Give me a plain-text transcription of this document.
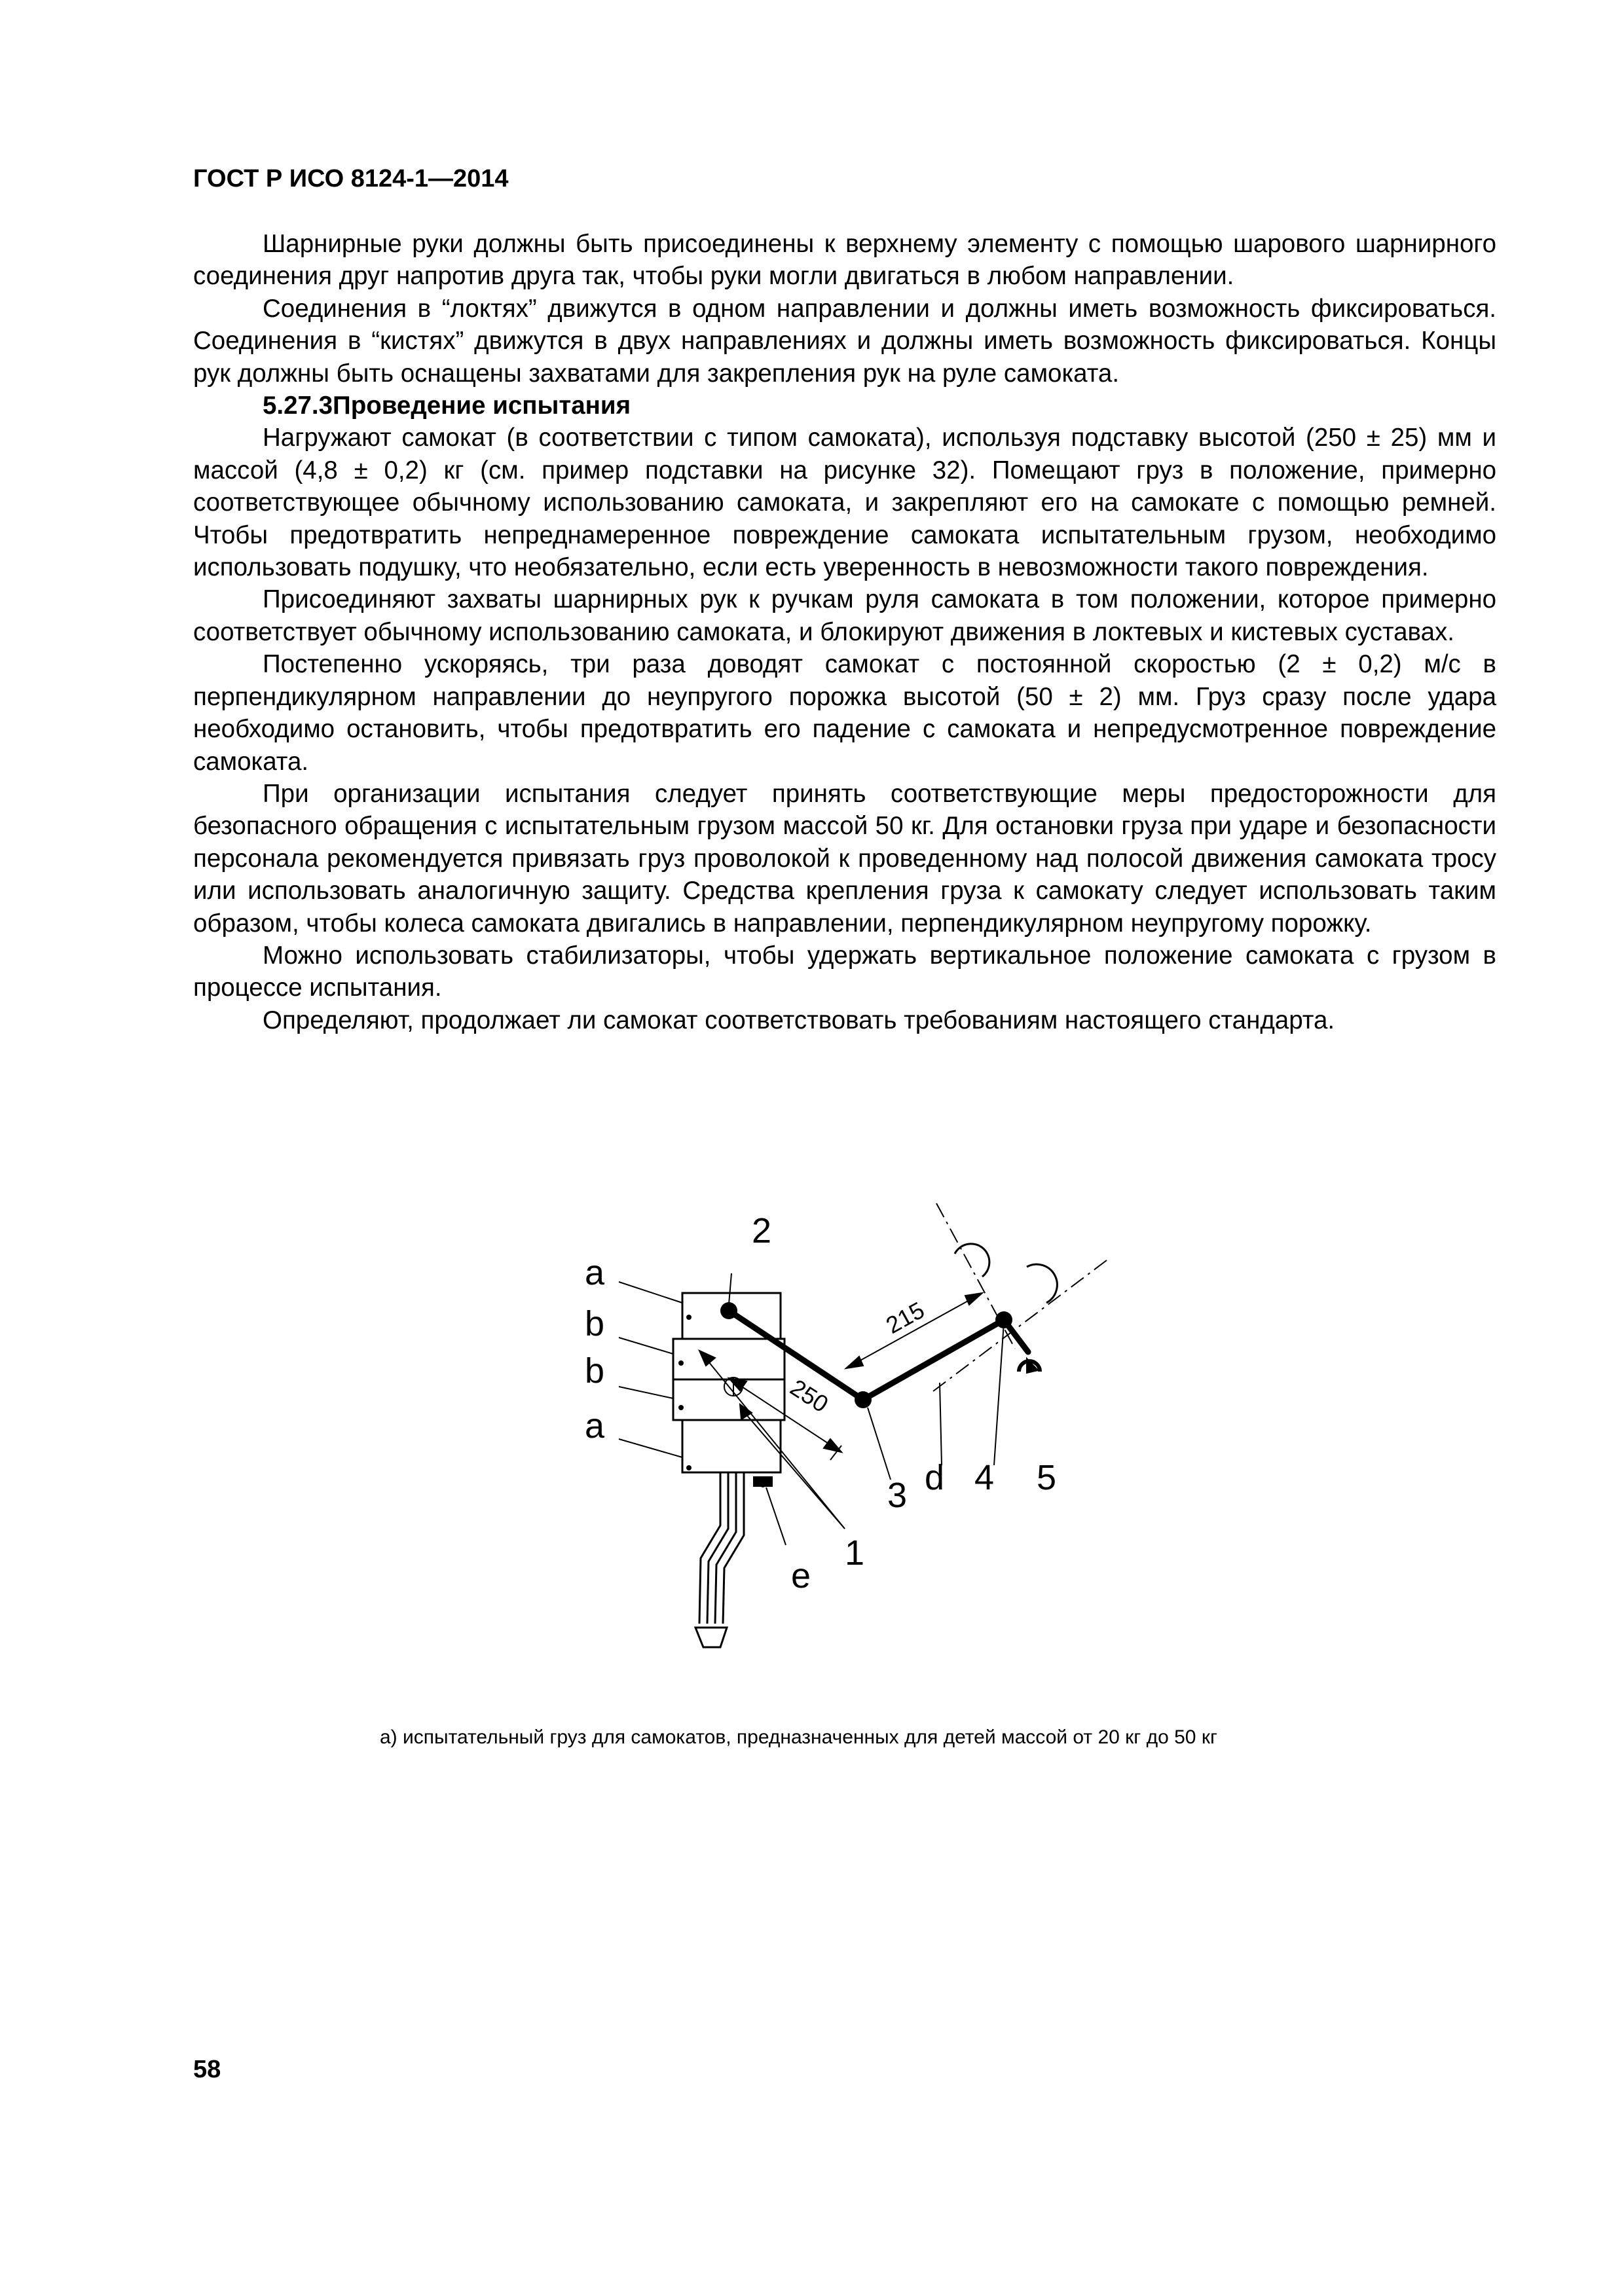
ГОСТ Р ИСО 8124-1—2014

Шарнирные руки должны быть присоединены к верхнему элементу с помощью шарового шарнирного соединения друг напротив друга так, чтобы руки могли двигаться в любом направлении.

Соединения в “локтях” движутся в одном направлении и должны иметь возможность фиксироваться. Соединения в “кистях” движутся в двух направлениях и должны иметь возможность фиксироваться. Концы рук должны быть оснащены захватами для закрепления рук на руле самоката.

5.27.3Проведение испытания

Нагружают самокат (в соответствии с типом самоката), используя подставку высотой (250 ± 25) мм и массой (4,8 ± 0,2) кг (см. пример подставки на рисунке 32). Помещают груз в положение, примерно соответствующее обычному использованию самоката, и закрепляют его на самокате с помощью ремней. Чтобы предотвратить непреднамеренное повреждение самоката испытательным грузом, необходимо использовать подушку, что необязательно, если есть уверенность в невозможности такого повреждения.

Присоединяют захваты шарнирных рук к ручкам руля самоката в том положении, которое примерно соответствует обычному использованию самоката, и блокируют движения в локтевых и кистевых суставах.

Постепенно ускоряясь, три раза доводят самокат с постоянной скоростью (2 ± 0,2) м/с в перпендикулярном направлении до неупругого порожка высотой (50 ± 2) мм. Груз сразу после удара необходимо остановить, чтобы предотвратить его падение с самоката и непредусмотренное повреждение самоката.

При организации испытания следует принять соответствующие меры предосторожности для безопасного обращения с испытательным грузом массой 50 кг. Для остановки груза при ударе и безопасности персонала рекомендуется привязать груз проволокой к проведенному над полосой движения самоката тросу или использовать аналогичную защиту. Средства крепления груза к самокату следует использовать таким образом, чтобы колеса самоката двигались в направлении, перпендикулярном неупругому порожку.

Можно использовать стабилизаторы, чтобы удержать вертикальное положение самоката с грузом в процессе испытания.

Определяют, продолжает ли самокат соответствовать требованиям настоящего стандарта.

2
a
b
b
a
3 d 4 5
1
e
215
250
а) испытательный груз для самокатов, предназначенных для детей массой от 20 кг до 50 кг
58
